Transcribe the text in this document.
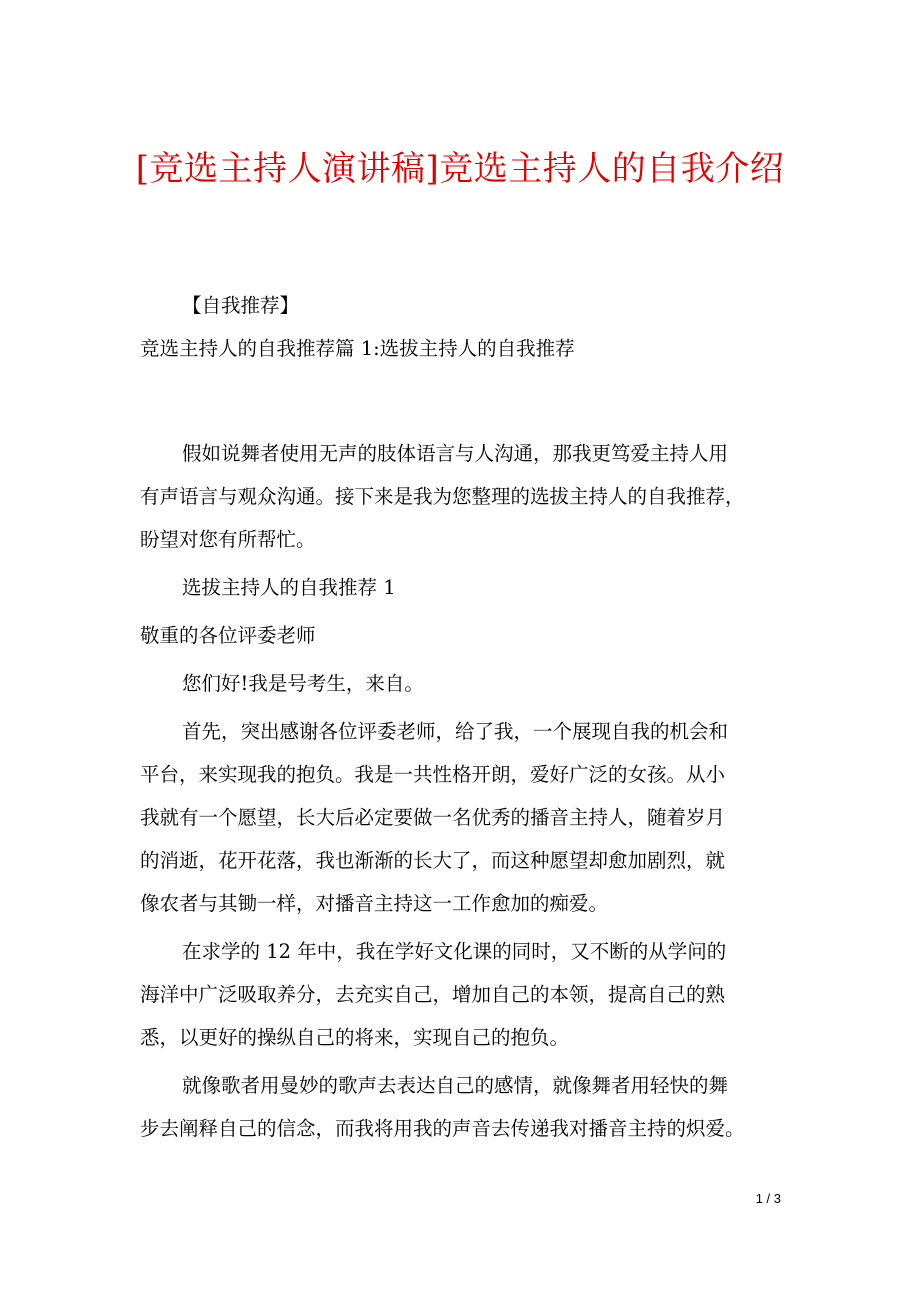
[竞选主持人演讲稿]竞选主持人的自我介绍

【自我推荐】

竞选主持人的自我推荐篇 1:选拔主持人的自我推荐

假如说舞者使用无声的肢体语言与人沟通，那我更笃爱主持人用

有声语言与观众沟通。接下来是我为您整理的选拔主持人的自我推荐，

盼望对您有所帮忙。

选拔主持人的自我推荐 1

敬重的各位评委老师

您们好!我是号考生，来自。

首先，突出感谢各位评委老师，给了我，一个展现自我的机会和

平台，来实现我的抱负。我是一共性格开朗，爱好广泛的女孩。从小

我就有一个愿望，长大后必定要做一名优秀的播音主持人，随着岁月

的消逝，花开花落，我也渐渐的长大了，而这种愿望却愈加剧烈，就

像农者与其锄一样，对播音主持这一工作愈加的痴爱。

在求学的 12 年中，我在学好文化课的同时，又不断的从学问的

海洋中广泛吸取养分，去充实自己，增加自己的本领，提高自己的熟

悉，以更好的操纵自己的将来，实现自己的抱负。

就像歌者用曼妙的歌声去表达自己的感情，就像舞者用轻快的舞

步去阐释自己的信念，而我将用我的声音去传递我对播音主持的炽爱。

1 / 3
